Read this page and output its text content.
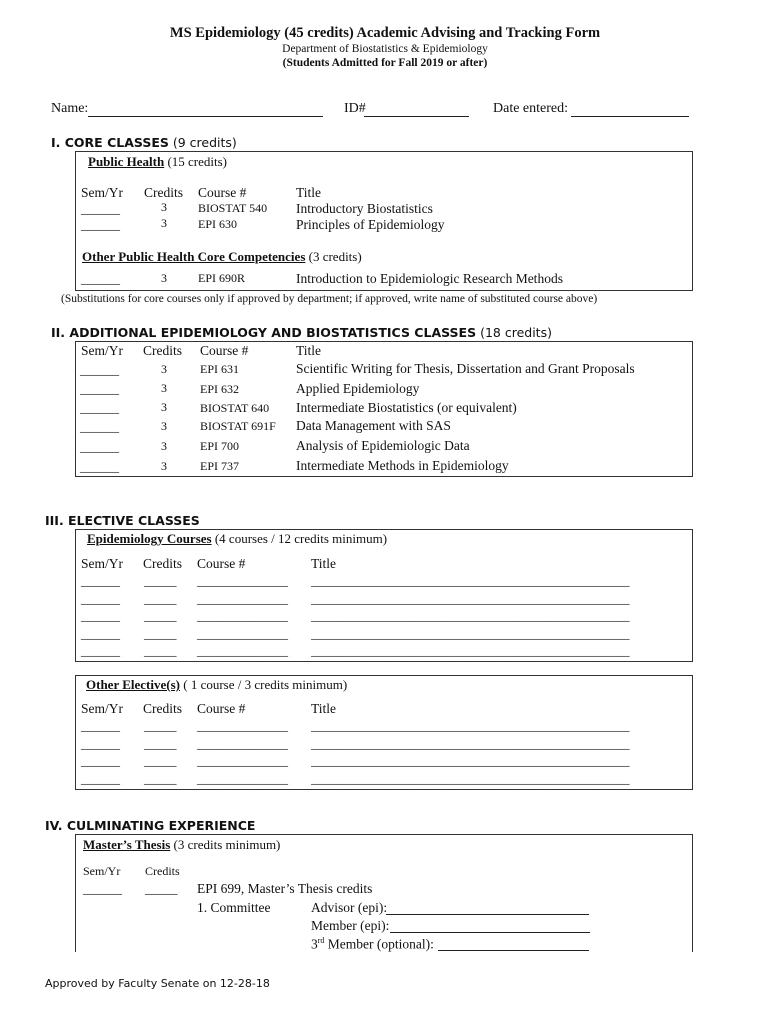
MS Epidemiology (45 credits) Academic Advising and Tracking Form
Department of Biostatistics & Epidemiology
(Students Admitted for Fall 2019 or after)
Name:	ID#	Date entered:
I. CORE CLASSES (9 credits)
Public Health (15 credits)
Sem/Yr Credits Course #	Title
______	3	BIOSTAT 540 Introductory Biostatistics
______	3	EPI 630	Principles of Epidemiology
Other Public Health Core Competencies (3 credits)
______	3	EPI 690R	Introduction to Epidemiologic Research Methods
(Substitutions for core courses only if approved by department; if approved, write name of substituted course above)
II. ADDITIONAL EPIDEMIOLOGY AND BIOSTATISTICS CLASSES (18 credits)
Sem/Yr Credits Course #	Title
______	3	EPI 631	Scientific Writing for Thesis, Dissertation and Grant Proposals
______	3	EPI 632	Applied Epidemiology
______	3	BIOSTAT 640 Intermediate Biostatistics (or equivalent)
______	3	BIOSTAT 691F Data Management with SAS
______	3	EPI 700	Analysis of Epidemiologic Data
______	3	EPI 737	Intermediate Methods in Epidemiology
III. ELECTIVE CLASSES
Epidemiology Courses (4 courses / 12 credits minimum)
Sem/Yr Credits Course #	Title
______ _____ ______________ _________________________________________________
______ _____ ______________ _________________________________________________
______ _____ ______________ _________________________________________________
______ _____ ______________ _________________________________________________
______ _____ ______________ _________________________________________________
Other Elective(s) ( 1 course / 3 credits minimum)
Sem/Yr Credits Course #	Title
______ _____ ______________ _________________________________________________
______ _____ ______________ _________________________________________________
______ _____ ______________ _________________________________________________
______ _____ ______________ _________________________________________________
IV. CULMINATING EXPERIENCE
Master’s Thesis (3 credits minimum)
Sem/Yr Credits
______ _____ EPI 699, Master’s Thesis credits
1. Committee	Advisor (epi):
Member (epi):
3rd Member (optional):
Approved by Faculty Senate on 12-28-18
